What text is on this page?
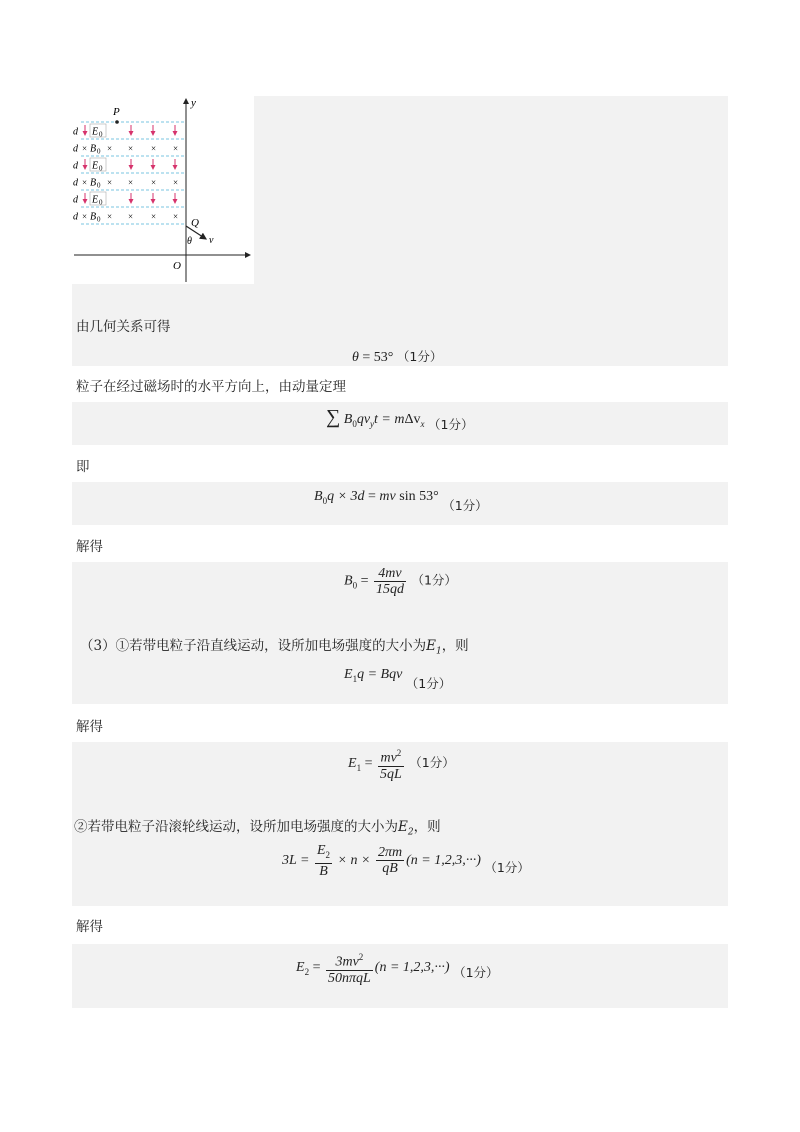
d E 0
d × B 0 × × × ×
d E 0
d × B 0 × × × ×
d E 0
d × B 0 × × × ×
y
O
P
Q
v
θ
由几何关系可得
θ = 53° （1分）
粒子在经过磁场时的水平方向上，由动量定理
∑ $B_0qv_yt = m\Delta v_x$ （1分）
即
$B_0q \times 3d$ = mv sin 53° （1分）
解得
$B_0 = \frac{4mv}{15qd} (1$分）
（3）①若带电粒子沿直线运动，设所加电场强度的大小为$E_1$，则
$E_1q$ = Bqv （1分）
解得
$E_1 = \frac{mv^2}{5qL} (1$分）
②若带电粒子沿滚轮线运动，设所加电场强度的大小为$E_2$，则
$3L = \frac{E_2}{B} \times n \times \frac{2\pi m}{qB} (n = 1,2,3,\cdot\cdot\cdot)$ （1分）
解得
$E_2 = \frac{3mv^2}{\text{50nπqL}} (n = 1,2,3,\cdot\cdot\cdot)$ （1分）
